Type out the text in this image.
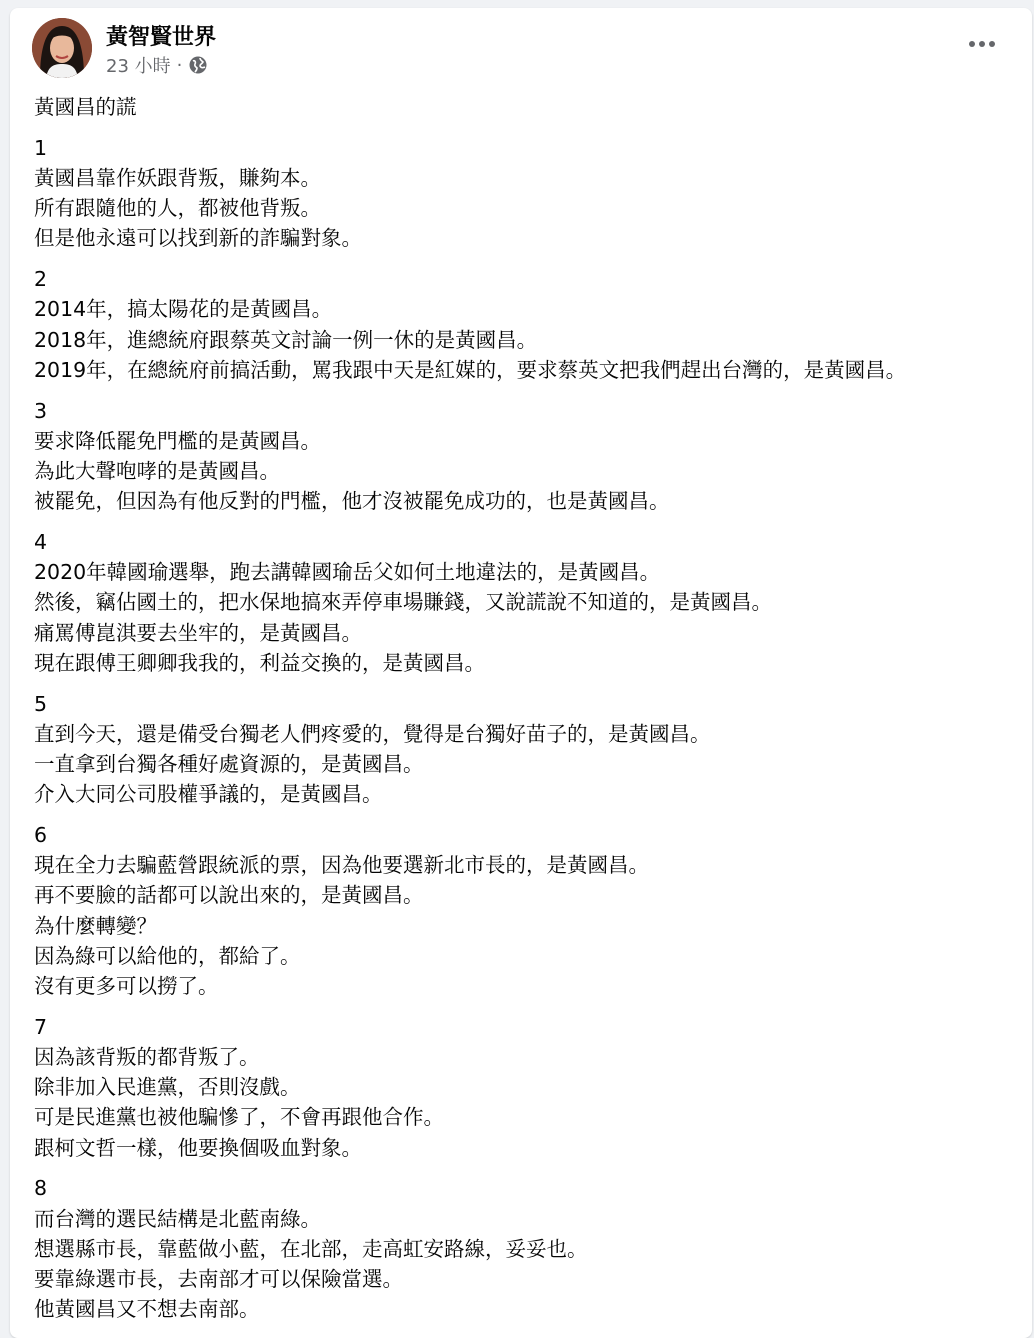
黃智賢世界
23 小時 ·
黃國昌的謊
1
黃國昌靠作妖跟背叛，賺夠本。
所有跟隨他的人，都被他背叛。
但是他永遠可以找到新的詐騙對象。
2
2014年，搞太陽花的是黃國昌。
2018年，進總統府跟蔡英文討論一例一休的是黃國昌。
2019年，在總統府前搞活動，罵我跟中天是紅媒的，要求蔡英文把我們趕出台灣的，是黃國昌。
3
要求降低罷免門檻的是黃國昌。
為此大聲咆哮的是黃國昌。
被罷免，但因為有他反對的門檻，他才沒被罷免成功的，也是黃國昌。
4
2020年韓國瑜選舉，跑去講韓國瑜岳父如何土地違法的，是黃國昌。
然後，竊佔國土的，把水保地搞來弄停車場賺錢，又說謊說不知道的，是黃國昌。
痛罵傅崑淇要去坐牢的，是黃國昌。
現在跟傅王卿卿我我的，利益交換的，是黃國昌。
5
直到今天，還是備受台獨老人們疼愛的，覺得是台獨好苗子的，是黃國昌。
一直拿到台獨各種好處資源的，是黃國昌。
介入大同公司股權爭議的，是黃國昌。
6
現在全力去騙藍營跟統派的票，因為他要選新北市長的，是黃國昌。
再不要臉的話都可以說出來的，是黃國昌。
為什麼轉變？
因為綠可以給他的，都給了。
沒有更多可以撈了。
7
因為該背叛的都背叛了。
除非加入民進黨，否則沒戲。
可是民進黨也被他騙慘了，不會再跟他合作。
跟柯文哲一樣，他要換個吸血對象。
8
而台灣的選民結構是北藍南綠。
想選縣市長，靠藍做小藍，在北部，走高虹安路線，妥妥也。
要靠綠選市長，去南部才可以保險當選。
他黃國昌又不想去南部。
